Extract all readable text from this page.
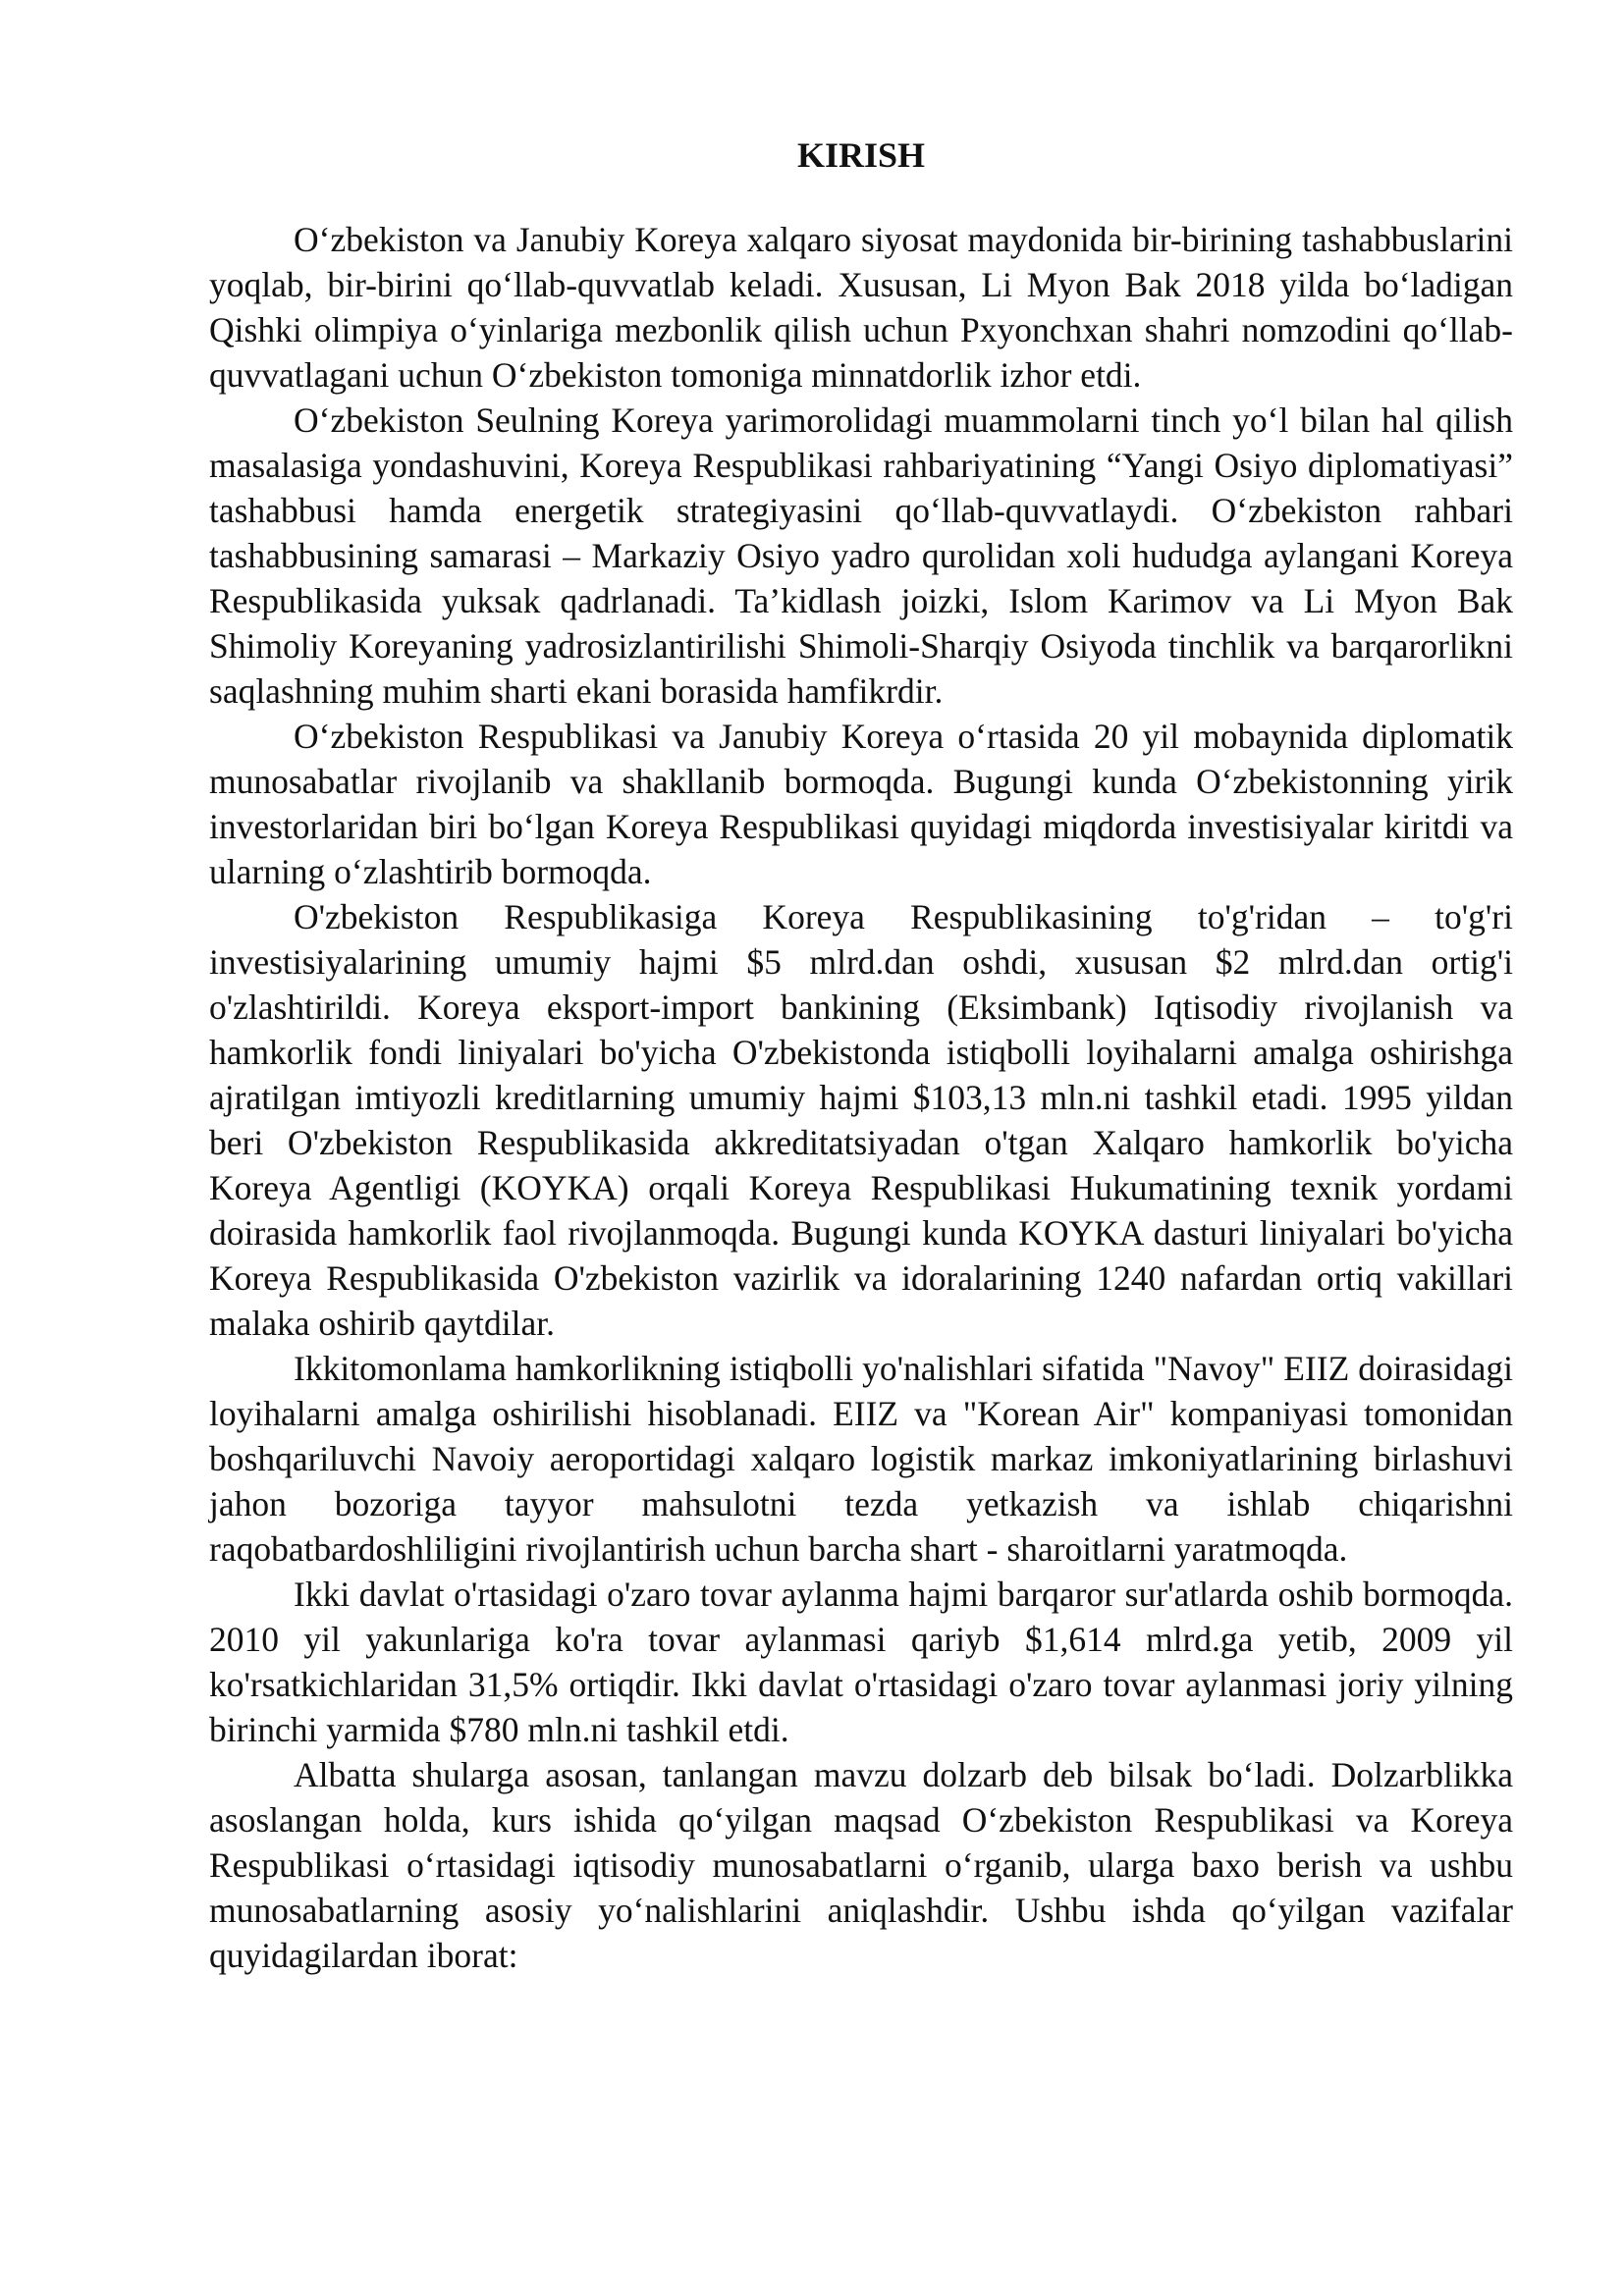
KIRISH

O‘zbekiston va Janubiy Koreya xalqaro siyosat maydonida bir-birining tashabbuslarini yoqlab, bir-birini qo‘llab-quvvatlab keladi. Xususan, Li Myon Bak 2018 yilda bo‘ladigan Qishki olimpiya o‘yinlariga mezbonlik qilish uchun Pxyonchxan shahri nomzodini qo‘llab-quvvatlagani uchun O‘zbekiston tomoniga minnatdorlik izhor etdi.

O‘zbekiston Seulning Koreya yarimorolidagi muammolarni tinch yo‘l bilan hal qilish masalasiga yondashuvini, Koreya Respublikasi rahbariyatining “Yangi Osiyo diplomatiyasi” tashabbusi hamda energetik strategiyasini qo‘llab-quvvatlaydi. O‘zbekiston rahbari tashabbusining samarasi – Markaziy Osiyo yadro qurolidan xoli hududga aylangani Koreya Respublikasida yuksak qadrlanadi. Ta’kidlash joizki, Islom Karimov va Li Myon Bak Shimoliy Koreyaning yadrosizlantirilishi Shimoli-Sharqiy Osiyoda tinchlik va barqarorlikni saqlashning muhim sharti ekani borasida hamfikrdir.

O‘zbekiston Respublikasi va Janubiy Koreya o‘rtasida 20 yil mobaynida diplomatik munosabatlar rivojlanib va shakllanib bormoqda. Bugungi kunda O‘zbekistonning yirik investorlaridan biri bo‘lgan Koreya Respublikasi quyidagi miqdorda investisiyalar kiritdi va ularning o‘zlashtirib bormoqda.

O'zbekiston Respublikasiga Koreya Respublikasining to'g'ridan – to'g'ri investisiyalarining umumiy hajmi $5 mlrd.dan oshdi, xususan $2 mlrd.dan ortig'i o'zlashtirildi. Koreya eksport-import bankining (Eksimbank) Iqtisodiy rivojlanish va hamkorlik fondi liniyalari bo'yicha O'zbekistonda istiqbolli loyihalarni amalga oshirishga ajratilgan imtiyozli kreditlarning umumiy hajmi $103,13 mln.ni tashkil etadi. 1995 yildan beri O'zbekiston Respublikasida akkreditatsiyadan o'tgan Xalqaro hamkorlik bo'yicha Koreya Agentligi (KOYKA) orqali Koreya Respublikasi Hukumatining texnik yordami doirasida hamkorlik faol rivojlanmoqda. Bugungi kunda KOYKA dasturi liniyalari bo'yicha Koreya Respublikasida O'zbekiston vazirlik va idoralarining 1240 nafardan ortiq vakillari malaka oshirib qaytdilar.

Ikkitomonlama hamkorlikning istiqbolli yo'nalishlari sifatida "Navoy" EIIZ doirasidagi loyihalarni amalga oshirilishi hisoblanadi. EIIZ va "Korean Air" kompaniyasi tomonidan boshqariluvchi Navoiy aeroportidagi xalqaro logistik markaz imkoniyatlarining birlashuvi jahon bozoriga tayyor mahsulotni tezda yetkazish va ishlab chiqarishni raqobatbardoshliligini rivojlantirish uchun barcha shart - sharoitlarni yaratmoqda.

Ikki davlat o'rtasidagi o'zaro tovar aylanma hajmi barqaror sur'atlarda oshib bormoqda. 2010 yil yakunlariga ko'ra tovar aylanmasi qariyb $1,614 mlrd.ga yetib, 2009 yil ko'rsatkichlaridan 31,5% ortiqdir. Ikki davlat o'rtasidagi o'zaro tovar aylanmasi joriy yilning birinchi yarmida $780 mln.ni tashkil etdi.

Albatta shularga asosan, tanlangan mavzu dolzarb deb bilsak bo‘ladi. Dolzarblikka asoslangan holda, kurs ishida qo‘yilgan maqsad O‘zbekiston Respublikasi va Koreya Respublikasi o‘rtasidagi iqtisodiy munosabatlarni o‘rganib, ularga baxo berish va ushbu munosabatlarning asosiy yo‘nalishlarini aniqlashdir. Ushbu ishda qo‘yilgan vazifalar quyidagilardan iborat:
